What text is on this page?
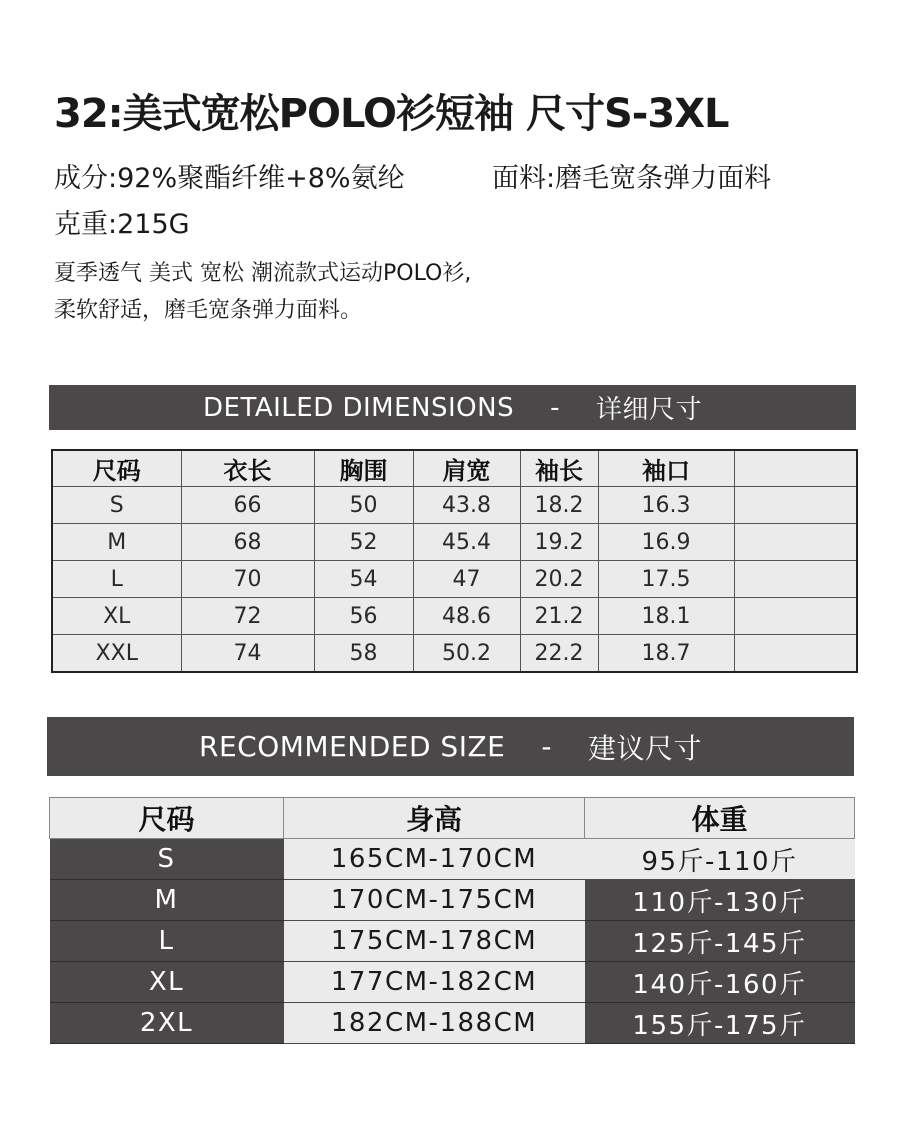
32:美式宽松POLO衫短袖 尺寸S-3XL
成分:92%聚酯纤维+8%氨纶	面料:磨毛宽条弹力面料
克重:215G
夏季透气 美式 宽松 潮流款式运动POLO衫,
柔软舒适，磨毛宽条弹力面料。
DETAILED DIMENSIONS - 详细尺寸
尺码	衣长	胸围	肩宽	袖长	袖口	
S	66	50	43.8	18.2	16.3	
M	68	52	45.4	19.2	16.9	
L	70	54	47	20.2	17.5	
XL	72	56	48.6	21.2	18.1	
XXL	74	58	50.2	22.2	18.7	
RECOMMENDED SIZE - 建议尺寸
尺码	身高	体重
S	165CM-170CM	95斤-110斤
M	170CM-175CM	110斤-130斤
L	175CM-178CM	125斤-145斤
XL	177CM-182CM	140斤-160斤
2XL	182CM-188CM	155斤-175斤
